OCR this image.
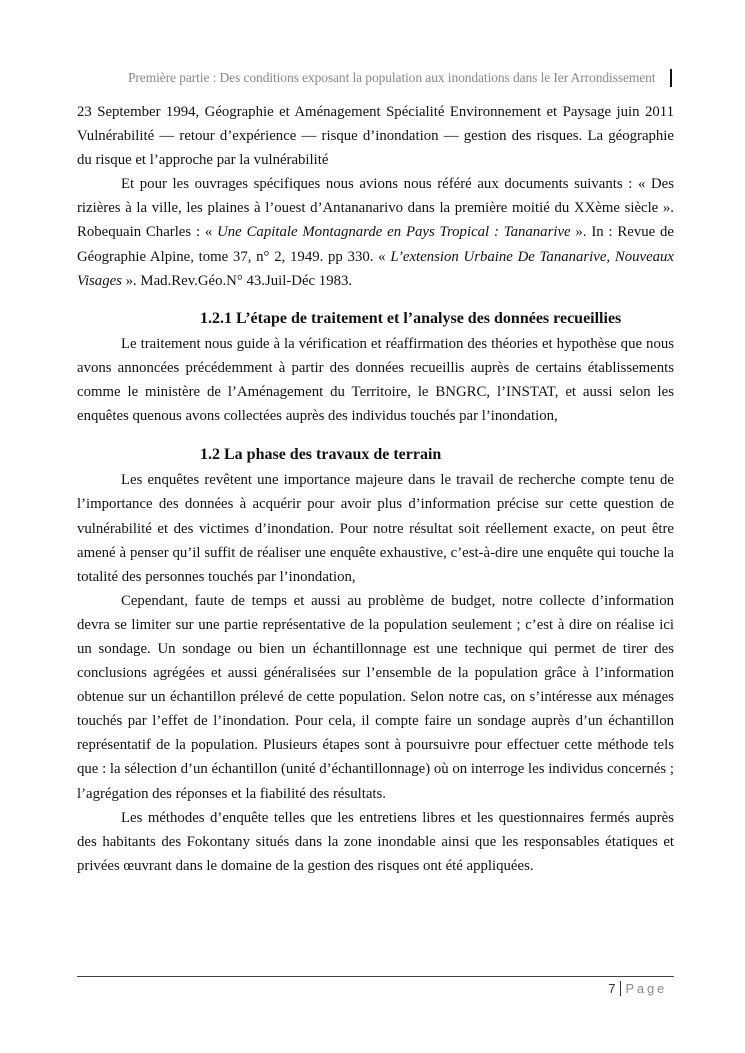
Première partie : Des conditions exposant la population aux inondations dans le Ier Arrondissement

23 September 1994, Géographie et Aménagement Spécialité Environnement et Paysage juin 2011 Vulnérabilité — retour d’expérience — risque d’inondation — gestion des risques. La géographie du risque et l’approche par la vulnérabilité

Et pour les ouvrages spécifiques nous avions nous référé aux documents suivants : « Des rizières à la ville, les plaines à l’ouest d’Antananarivo dans la première moitié du XXème siècle ». Robequain Charles : « Une Capitale Montagnarde en Pays Tropical : Tananarive ». In : Revue de Géographie Alpine, tome 37, n° 2, 1949. pp 330. « L’extension Urbaine De Tananarive, Nouveaux Visages ». Mad.Rev.Géo.N° 43.Juil-Déc 1983.

1.2.1 L’étape de traitement et l’analyse des données recueillies

Le traitement nous guide à la vérification et réaffirmation des théories et hypothèse que nous avons annoncées précédemment à partir des données recueillis auprès de certains établissements comme le ministère de l’Aménagement du Territoire, le BNGRC, l’INSTAT, et aussi selon les enquêtes quenous avons collectées auprès des individus touchés par l’inondation,

1.2 La phase des travaux de terrain

Les enquêtes revêtent une importance majeure dans le travail de recherche compte tenu de l’importance des données à acquérir pour avoir plus d’information précise sur cette question de vulnérabilité et des victimes d’inondation. Pour notre résultat soit réellement exacte, on peut être amené à penser qu’il suffit de réaliser une enquête exhaustive, c’est-à-dire une enquête qui touche la totalité des personnes touchés par l’inondation,

Cependant, faute de temps et aussi au problème de budget, notre collecte d’information devra se limiter sur une partie représentative de la population seulement ; c’est à dire on réalise ici un sondage. Un sondage ou bien un échantillonnage est une technique qui permet de tirer des conclusions agrégées et aussi généralisées sur l’ensemble de la population grâce à l’information obtenue sur un échantillon prélevé de cette population. Selon notre cas, on s’intéresse aux ménages touchés par l’effet de l’inondation. Pour cela, il compte faire un sondage auprès d’un échantillon représentatif de la population. Plusieurs étapes sont à poursuivre pour effectuer cette méthode tels que : la sélection d’un échantillon (unité d’échantillonnage) où on interroge les individus concernés ; l’agrégation des réponses et la fiabilité des résultats.

Les méthodes d’enquête telles que les entretiens libres et les questionnaires fermés auprès des habitants des Fokontany situés dans la zone inondable ainsi que les responsables étatiques et privées œuvrant dans le domaine de la gestion des risques ont été appliquées.

7 Page
